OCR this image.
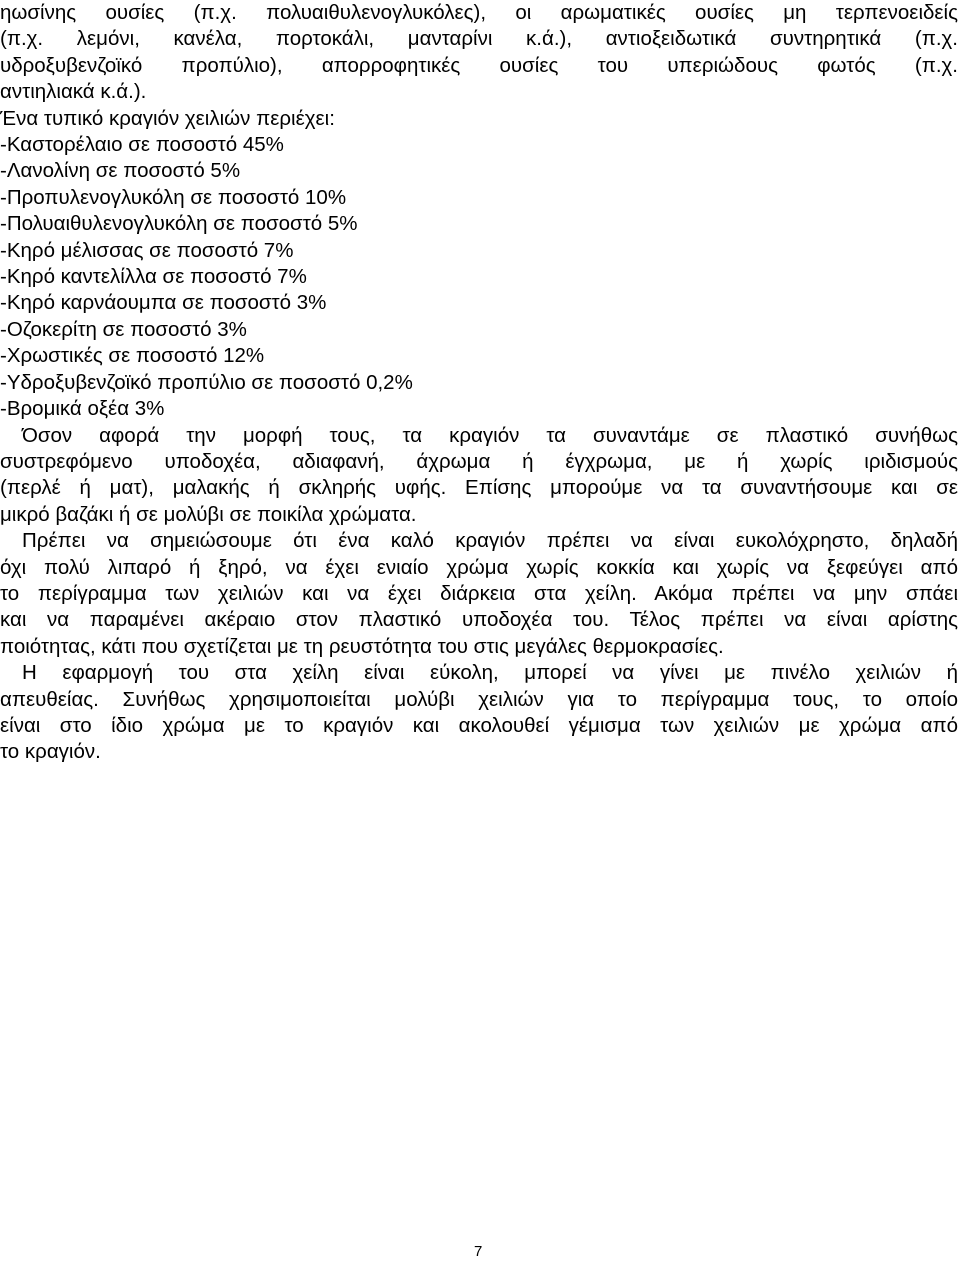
ηωσίνης ουσίες (π.χ. πολυαιθυλενογλυκόλες), οι αρωματικές ουσίες μη τερπενοειδείς
(π.χ. λεμόνι, κανέλα, πορτοκάλι, μανταρίνι κ.ά.), αντιοξειδωτικά συντηρητικά (π.χ.
υδροξυβενζοϊκό προπύλιο), απορροφητικές ουσίες του υπεριώδους φωτός (π.χ.
αντιηλιακά κ.ά.).
Ένα τυπικό κραγιόν χειλιών περιέχει:
-Καστορέλαιο σε ποσοστό 45%
-Λανολίνη σε ποσοστό 5%
-Προπυλενογλυκόλη σε ποσοστό 10%
-Πολυαιθυλενογλυκόλη σε ποσοστό 5%
-Κηρό μέλισσας σε ποσοστό 7%
-Κηρό καντελίλλα σε ποσοστό 7%
-Κηρό καρνάουμπα σε ποσοστό 3%
-Οζοκερίτη σε ποσοστό 3%
-Χρωστικές σε ποσοστό 12%
-Υδροξυβενζοϊκό προπύλιο σε ποσοστό 0,2%
-Βρομικά οξέα 3%
Όσον αφορά την μορφή τους, τα κραγιόν τα συναντάμε σε πλαστικό συνήθως
συστρεφόμενο υποδοχέα, αδιαφανή, άχρωμα ή έγχρωμα, με ή χωρίς ιριδισμούς
(περλέ ή ματ), μαλακής ή σκληρής υφής. Επίσης μπορούμε να τα συναντήσουμε και σε
μικρό βαζάκι ή σε μολύβι σε ποικίλα χρώματα.
Πρέπει να σημειώσουμε ότι ένα καλό κραγιόν πρέπει να είναι ευκολόχρηστο, δηλαδή
όχι πολύ λιπαρό ή ξηρό, να έχει ενιαίο χρώμα χωρίς κοκκία και χωρίς να ξεφεύγει από
το περίγραμμα των χειλιών και να έχει διάρκεια στα χείλη. Ακόμα πρέπει να μην σπάει
και να παραμένει ακέραιο στον πλαστικό υποδοχέα του. Τέλος πρέπει να είναι αρίστης
ποιότητας, κάτι που σχετίζεται με τη ρευστότητα του στις μεγάλες θερμοκρασίες.
Η εφαρμογή του στα χείλη είναι εύκολη, μπορεί να γίνει με πινέλο χειλιών ή
απευθείας. Συνήθως χρησιμοποιείται μολύβι χειλιών για το περίγραμμα τους, το οποίο
είναι στο ίδιο χρώμα με το κραγιόν και ακολουθεί γέμισμα των χειλιών με χρώμα από
το κραγιόν.
7
